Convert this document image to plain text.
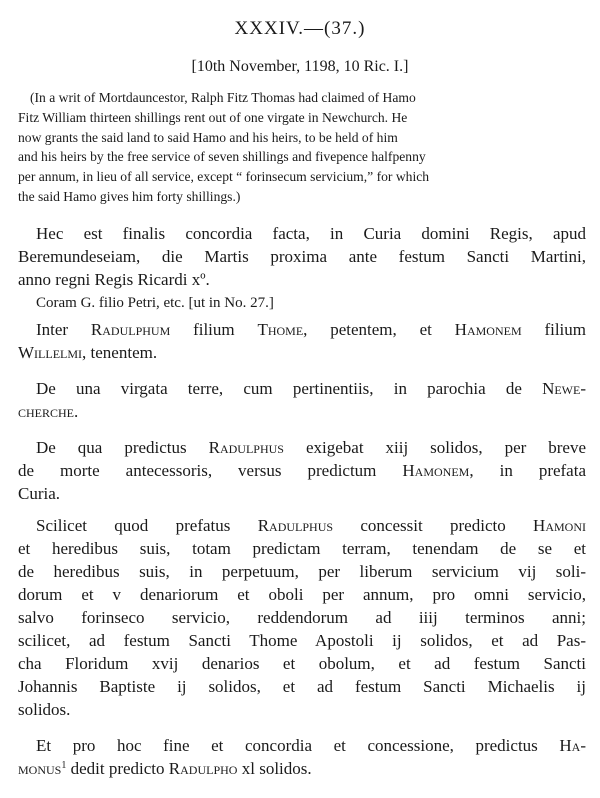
XXXIV.—(37.)
[10th November, 1198, 10 Ric. I.]
(In a writ of Mortdauncestor, Ralph Fitz Thomas had claimed of Hamo
Fitz William thirteen shillings rent out of one virgate in Newchurch. He
now grants the said land to said Hamo and his heirs, to be held of him
and his heirs by the free service of seven shillings and fivepence halfpenny
per annum, in lieu of all service, except “ forinsecum servicium,” for which
the said Hamo gives him forty shillings.)
Hec est finalis concordia facta, in Curia domini Regis, apud
Beremundeseiam, die Martis proxima ante festum Sancti Martini,
anno regni Regis Ricardi xº.
Coram G. filio Petri, etc. [ut in No. 27.]
Inter Radulphum filium Thome, petentem, et Hamonem filium
Willelmi, tenentem.
De una virgata terre, cum pertinentiis, in parochia de Newe-
cherche.
De qua predictus Radulphus exigebat xiij solidos, per breve
de morte antecessoris, versus predictum Hamonem, in prefata
Curia.
Scilicet quod prefatus Radulphus concessit predicto Hamoni
et heredibus suis, totam predictam terram, tenendam de se et
de heredibus suis, in perpetuum, per liberum servicium vij soli-
dorum et v denariorum et oboli per annum, pro omni servicio,
salvo forinseco servicio, reddendorum ad iiij terminos anni;
scilicet, ad festum Sancti Thome Apostoli ij solidos, et ad Pas-
cha Floridum xvij denarios et obolum, et ad festum Sancti
Johannis Baptiste ij solidos, et ad festum Sancti Michaelis ij
solidos.
Et pro hoc fine et concordia et concessione, predictus Ha-
monus$^1$ dedit predicto Radulpho xl solidos.
